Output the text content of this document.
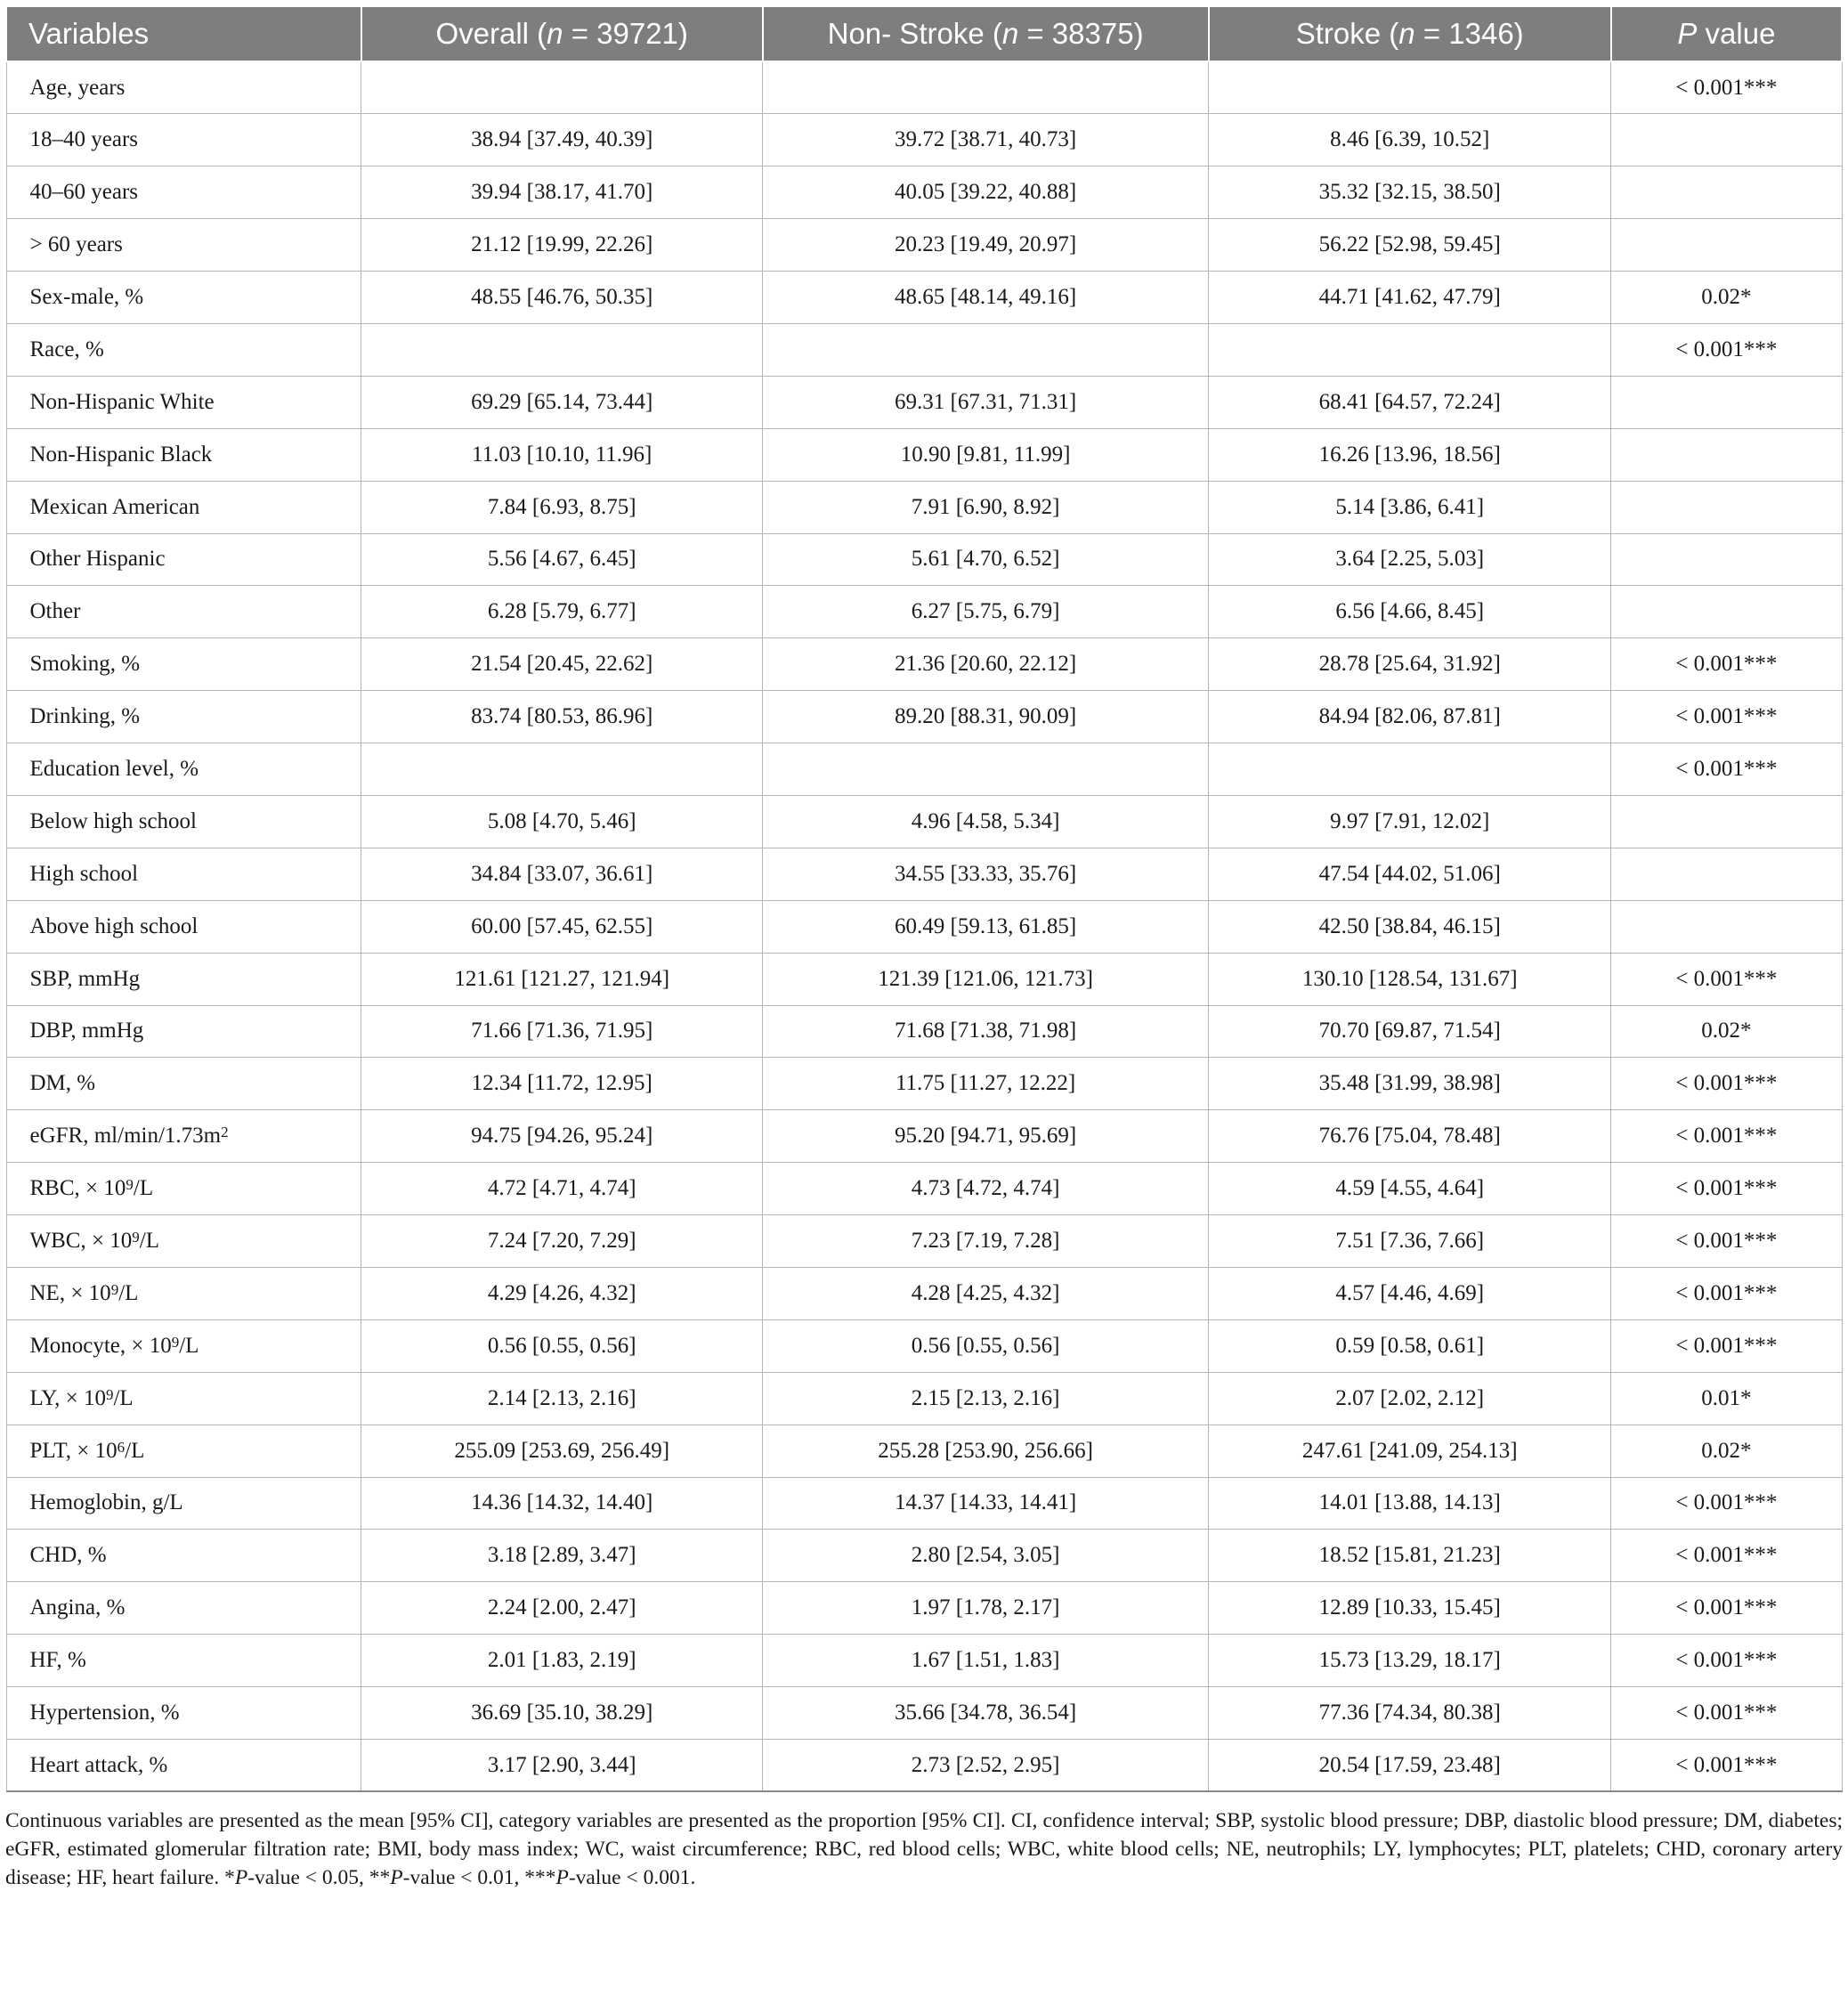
Variables	Overall (n = 39721)	Non- Stroke (n = 38375)	Stroke (n = 1346)	P value
Age, years				< 0.001***
18–40 years	38.94 [37.49, 40.39]	39.72 [38.71, 40.73]	8.46 [6.39, 10.52]	
40–60 years	39.94 [38.17, 41.70]	40.05 [39.22, 40.88]	35.32 [32.15, 38.50]	
> 60 years	21.12 [19.99, 22.26]	20.23 [19.49, 20.97]	56.22 [52.98, 59.45]	
Sex-male, %	48.55 [46.76, 50.35]	48.65 [48.14, 49.16]	44.71 [41.62, 47.79]	0.02*
Race, %				< 0.001***
Non-Hispanic White	69.29 [65.14, 73.44]	69.31 [67.31, 71.31]	68.41 [64.57, 72.24]	
Non-Hispanic Black	11.03 [10.10, 11.96]	10.90 [9.81, 11.99]	16.26 [13.96, 18.56]	
Mexican American	7.84 [6.93, 8.75]	7.91 [6.90, 8.92]	5.14 [3.86, 6.41]	
Other Hispanic	5.56 [4.67, 6.45]	5.61 [4.70, 6.52]	3.64 [2.25, 5.03]	
Other	6.28 [5.79, 6.77]	6.27 [5.75, 6.79]	6.56 [4.66, 8.45]	
Smoking, %	21.54 [20.45, 22.62]	21.36 [20.60, 22.12]	28.78 [25.64, 31.92]	< 0.001***
Drinking, %	83.74 [80.53, 86.96]	89.20 [88.31, 90.09]	84.94 [82.06, 87.81]	< 0.001***
Education level, %				< 0.001***
Below high school	5.08 [4.70, 5.46]	4.96 [4.58, 5.34]	9.97 [7.91, 12.02]	
High school	34.84 [33.07, 36.61]	34.55 [33.33, 35.76]	47.54 [44.02, 51.06]	
Above high school	60.00 [57.45, 62.55]	60.49 [59.13, 61.85]	42.50 [38.84, 46.15]	
SBP, mmHg	121.61 [121.27, 121.94]	121.39 [121.06, 121.73]	130.10 [128.54, 131.67]	< 0.001***
DBP, mmHg	71.66 [71.36, 71.95]	71.68 [71.38, 71.98]	70.70 [69.87, 71.54]	0.02*
DM, %	12.34 [11.72, 12.95]	11.75 [11.27, 12.22]	35.48 [31.99, 38.98]	< 0.001***
eGFR, $ml/\min/1.73m^2$	94.75 [94.26, 95.24]	95.20 [94.71, 95.69]	76.76 [75.04, 78.48]	< 0.001***
RBC, × $10^9/L$	4.72 [4.71, 4.74]	4.73 [4.72, 4.74]	4.59 [4.55, 4.64]	< 0.001***
WBC, × $10^9/L$	7.24 [7.20, 7.29]	7.23 [7.19, 7.28]	7.51 [7.36, 7.66]	< 0.001***
NE, × $10^9/L$	4.29 [4.26, 4.32]	4.28 [4.25, 4.32]	4.57 [4.46, 4.69]	< 0.001***
Monocyte, × $10^9/L$	0.56 [0.55, 0.56]	0.56 [0.55, 0.56]	0.59 [0.58, 0.61]	< 0.001***
LY, × $10^9/L$	2.14 [2.13, 2.16]	2.15 [2.13, 2.16]	2.07 [2.02, 2.12]	0.01*
PLT, × $10^6/L$	255.09 [253.69, 256.49]	255.28 [253.90, 256.66]	247.61 [241.09, 254.13]	0.02*
Hemoglobin, g/L	14.36 [14.32, 14.40]	14.37 [14.33, 14.41]	14.01 [13.88, 14.13]	< 0.001***
CHD, %	3.18 [2.89, 3.47]	2.80 [2.54, 3.05]	18.52 [15.81, 21.23]	< 0.001***
Angina, %	2.24 [2.00, 2.47]	1.97 [1.78, 2.17]	12.89 [10.33, 15.45]	< 0.001***
HF, %	2.01 [1.83, 2.19]	1.67 [1.51, 1.83]	15.73 [13.29, 18.17]	< 0.001***
Hypertension, %	36.69 [35.10, 38.29]	35.66 [34.78, 36.54]	77.36 [74.34, 80.38]	< 0.001***
Heart attack, %	3.17 [2.90, 3.44]	2.73 [2.52, 2.95]	20.54 [17.59, 23.48]	< 0.001***
Continuous variables are presented as the mean [95% CI], category variables are presented as the proportion [95% CI]. CI, confidence interval; SBP, systolic blood pressure; DBP, diastolic blood pressure; DM, diabetes; eGFR, estimated glomerular filtration rate; BMI, body mass index; WC, waist circumference; RBC, red blood cells; WBC, white blood cells; NE, neutrophils; LY, lymphocytes; PLT, platelets; CHD, coronary artery disease; HF, heart failure. *P-value < 0.05, **P-value < 0.01, ***P-value < 0.001.
